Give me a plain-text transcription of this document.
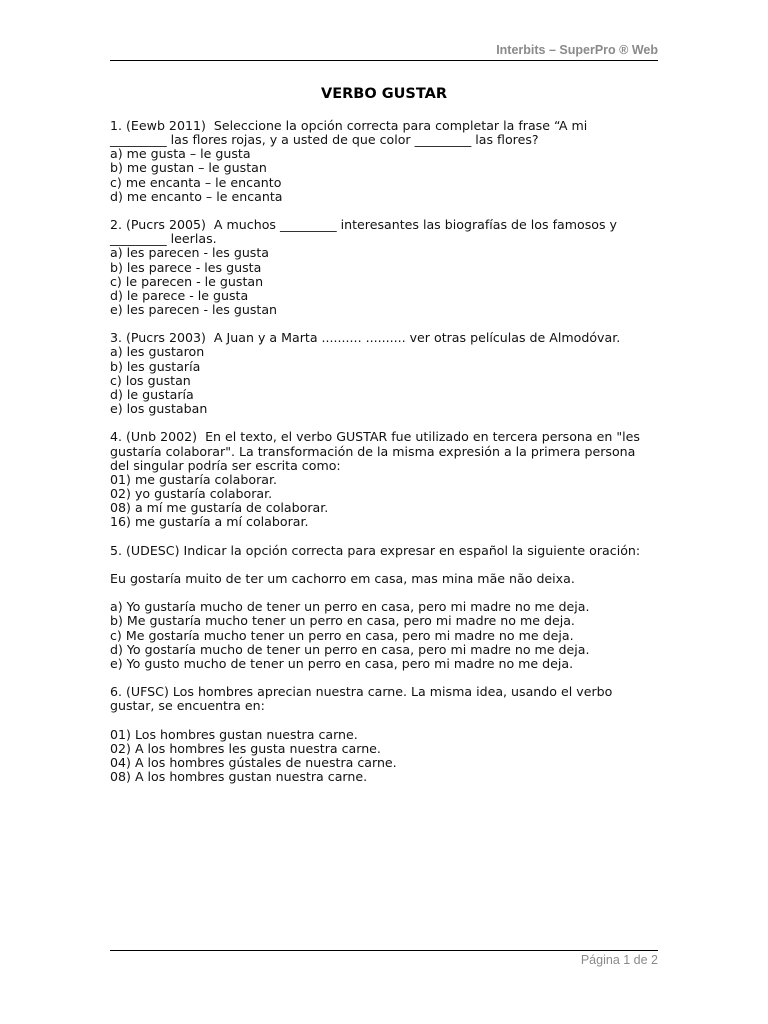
Interbits – SuperPro ® Web
VERBO GUSTAR
1. (Eewb 2011)  Seleccione la opción correcta para completar la frase “A mi
_________ las flores rojas, y a usted de que color _________ las flores?
a) me gusta – le gusta
b) me gustan – le gustan
c) me encanta – le encanto
d) me encanto – le encanta
2. (Pucrs 2005)  A muchos _________ interesantes las biografías de los famosos y
_________ leerlas.
a) les parecen - les gusta
b) les parece - les gusta
c) le parecen - le gustan
d) le parece - le gusta
e) les parecen - les gustan
3. (Pucrs 2003)  A Juan y a Marta .......... .......... ver otras películas de Almodóvar.
a) les gustaron
b) les gustaría
c) los gustan
d) le gustaría
e) los gustaban
4. (Unb 2002)  En el texto, el verbo GUSTAR fue utilizado en tercera persona en "les
gustaría colaborar". La transformación de la misma expresión a la primera persona
del singular podría ser escrita como:
01) me gustaría colaborar.
02) yo gustaría colaborar.
08) a mí me gustaría de colaborar.
16) me gustaría a mí colaborar.
5. (UDESC) Indicar la opción correcta para expresar en español la siguiente oración:
Eu gostaría muito de ter um cachorro em casa, mas mina mãe não deixa.
a) Yo gustaría mucho de tener un perro en casa, pero mi madre no me deja.
b) Me gustaría mucho tener un perro en casa, pero mi madre no me deja.
c) Me gostaría mucho tener un perro en casa, pero mi madre no me deja.
d) Yo gostaría mucho de tener un perro en casa, pero mi madre no me deja.
e) Yo gusto mucho de tener un perro en casa, pero mi madre no me deja.
6. (UFSC) Los hombres aprecian nuestra carne. La misma idea, usando el verbo
gustar, se encuentra en:
01) Los hombres gustan nuestra carne.
02) A los hombres les gusta nuestra carne.
04) A los hombres gústales de nuestra carne.
08) A los hombres gustan nuestra carne.
Página 1 de 2
